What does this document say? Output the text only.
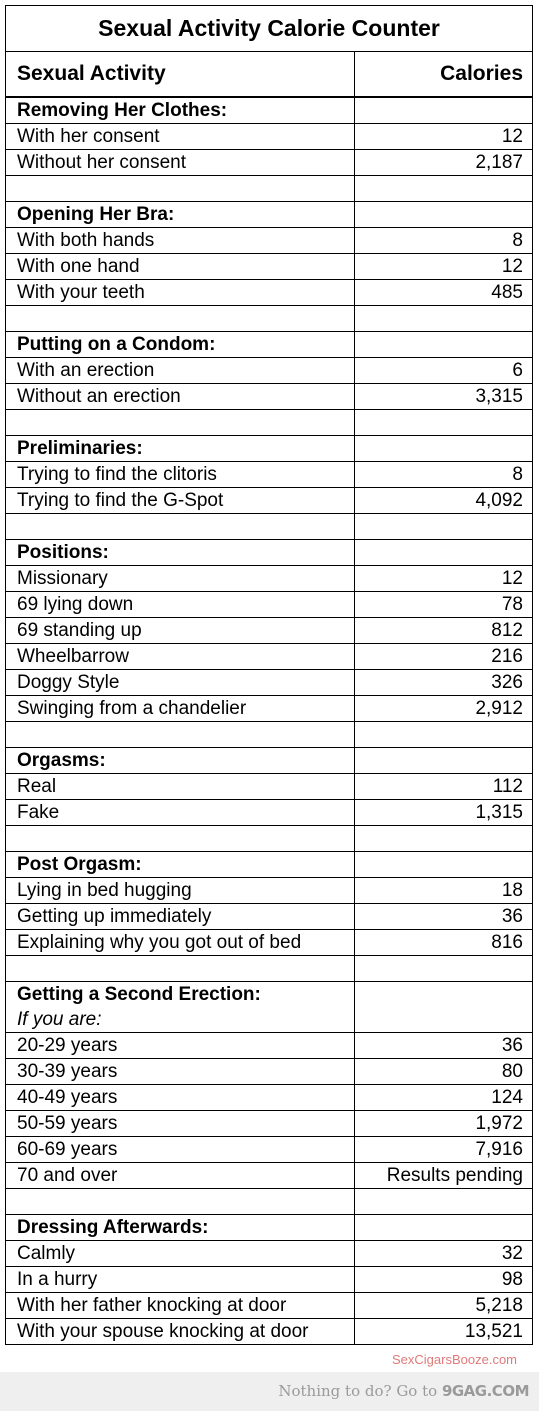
Sexual Activity Calorie Counter	
Sexual Activity	Calories
Removing Her Clothes:	
With her consent	12
Without her consent	2,187

Opening Her Bra:	
With both hands	8
With one hand	12
With your teeth	485

Putting on a Condom:	
With an erection	6
Without an erection	3,315

Preliminaries:	
Trying to find the clitoris	8
Trying to find the G-Spot	4,092

Positions:	
Missionary	12
69 lying down	78
69 standing up	812
Wheelbarrow	216
Doggy Style	326
Swinging from a chandelier	2,912

Orgasms:	
Real	112
Fake	1,315

Post Orgasm:	
Lying in bed hugging	18
Getting up immediately	36
Explaining why you got out of bed	816

Getting a Second Erection:
If you are:	

20-29 years	36
30-39 years	80
40-49 years	124
50-59 years	1,972
60-69 years	7,916
70 and over	Results pending

Dressing Afterwards:	
Calmly	32
In a hurry	98
With her father knocking at door	5,218
With your spouse knocking at door	13,521
SexCigarsBooze.com
Nothing to do? Go to 9GAG.COM
